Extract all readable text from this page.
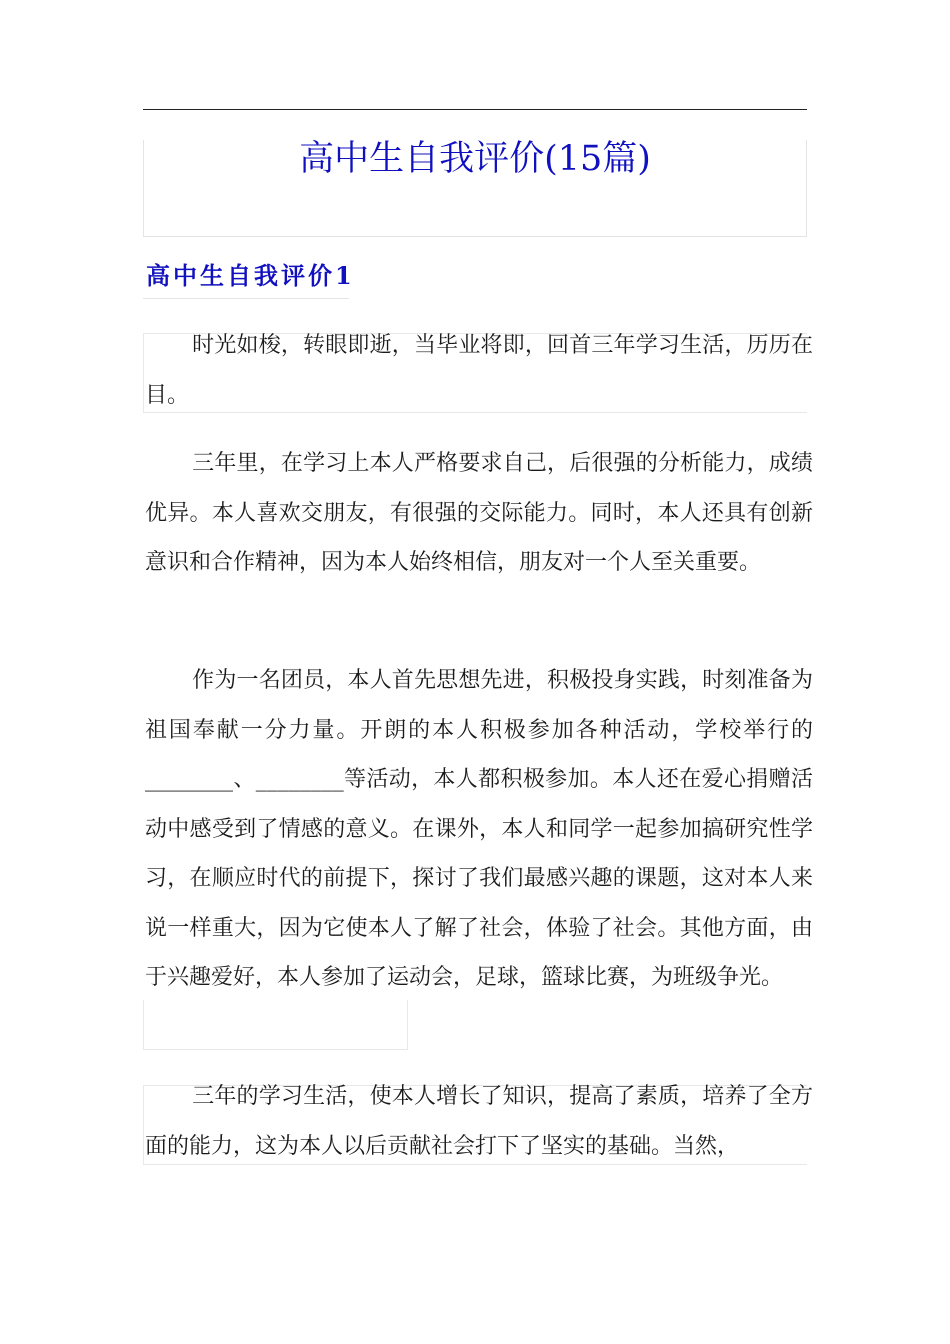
高中生自我评价(15篇)
高中生自我评价1

时光如梭，转眼即逝，当毕业将即，回首三年学习生活，历历在目。

三年里，在学习上本人严格要求自己，后很强的分析能力，成绩优异。本人喜欢交朋友，有很强的交际能力。同时，本人还具有创新意识和合作精神，因为本人始终相信，朋友对一个人至关重要。

作为一名团员，本人首先思想先进，积极投身实践，时刻准备为祖国奉献一分力量。开朗的本人积极参加各种活动，学校举行的________、________等活动，本人都积极参加。本人还在爱心捐赠活动中感受到了情感的意义。在课外，本人和同学一起参加搞研究性学习，在顺应时代的前提下，探讨了我们最感兴趣的课题，这对本人来说一样重大，因为它使本人了解了社会，体验了社会。其他方面，由于兴趣爱好，本人参加了运动会，足球，篮球比赛，为班级争光。

三年的学习生活，使本人增长了知识，提高了素质，培养了全方面的能力，这为本人以后贡献社会打下了坚实的基础。当然，
